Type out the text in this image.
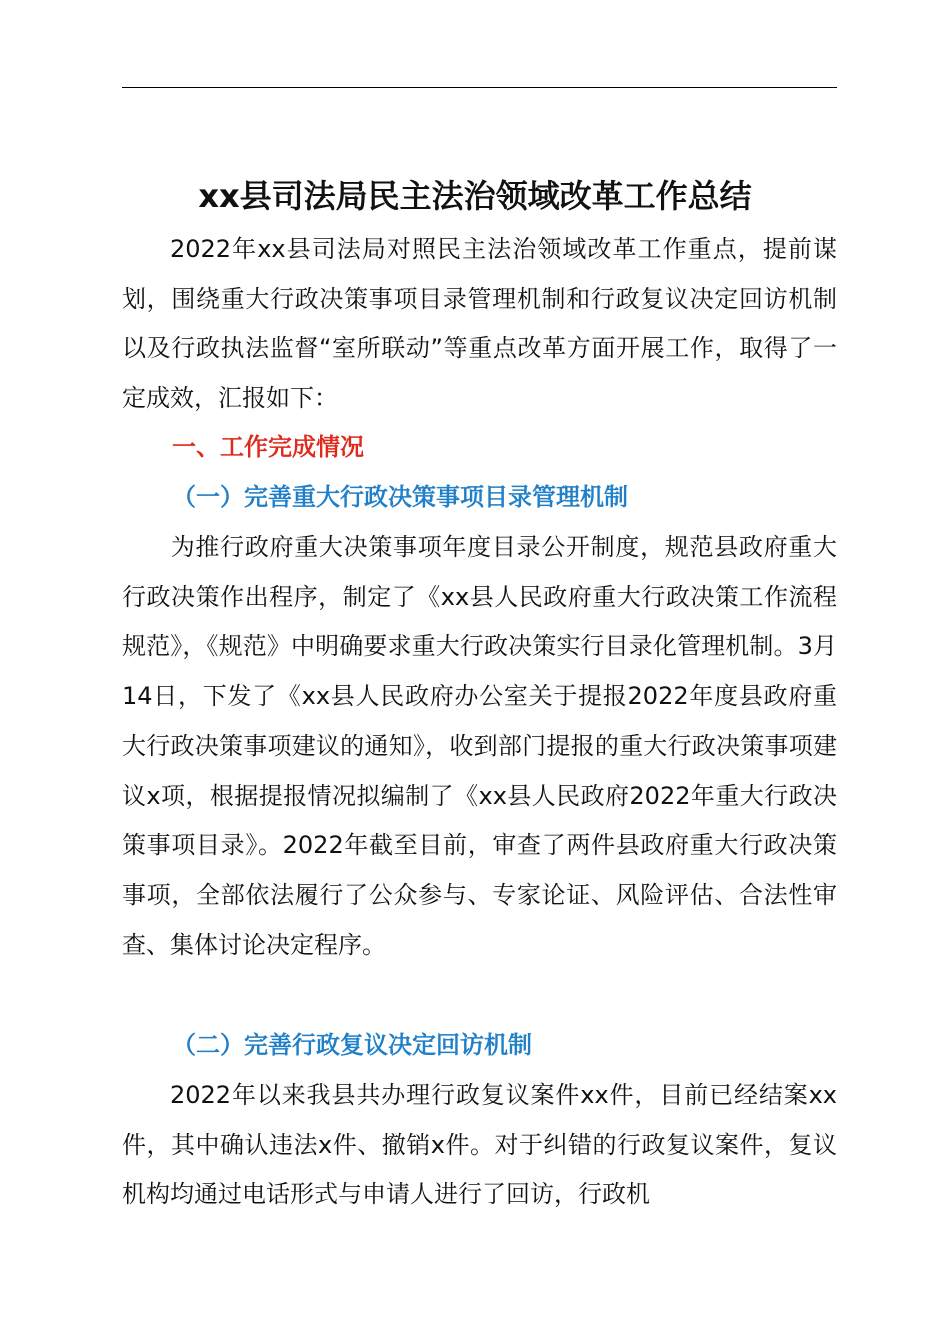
xx县司法局民主法治领域改革工作总结

2022年xx县司法局对照民主法治领域改革工作重点，提前谋划，围绕重大行政决策事项目录管理机制和行政复议决定回访机制以及行政执法监督“室所联动”等重点改革方面开展工作，取得了一定成效，汇报如下：

一、工作完成情况
（一）完善重大行政决策事项目录管理机制

为推行政府重大决策事项年度目录公开制度，规范县政府重大行政决策作出程序，制定了《xx县人民政府重大行政决策工作流程规范》，《规范》中明确要求重大行政决策实行目录化管理机制。3月14日，下发了《xx县人民政府办公室关于提报2022年度县政府重大行政决策事项建议的通知》，收到部门提报的重大行政决策事项建议x项，根据提报情况拟编制了《xx县人民政府2022年重大行政决策事项目录》。2022年截至目前，审查了两件县政府重大行政决策事项，全部依法履行了公众参与、专家论证、风险评估、合法性审查、集体讨论决定程序。

（二）完善行政复议决定回访机制

2022年以来我县共办理行政复议案件xx件，目前已经结案xx件，其中确认违法x件、撤销x件。对于纠错的行政复议案件，复议机构均通过电话形式与申请人进行了回访，行政机
